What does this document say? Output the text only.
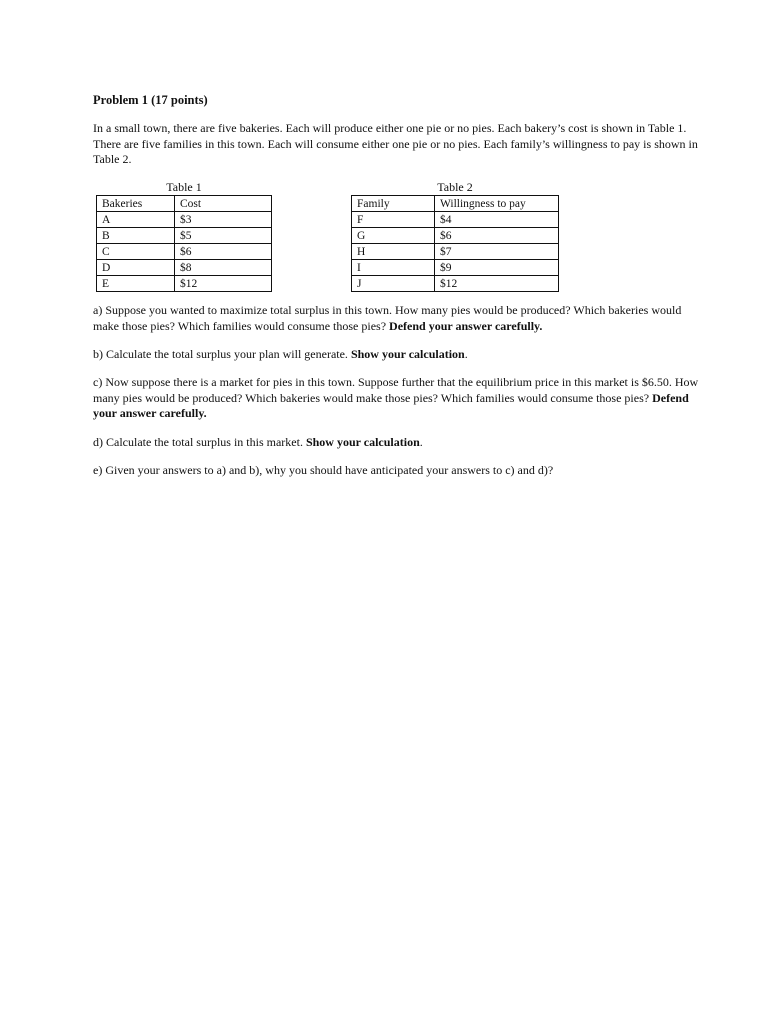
Problem 1 (17 points)
In a small town, there are five bakeries. Each will produce either one pie or no pies. Each bakery’s cost is shown in Table 1. There are five families in this town. Each will consume either one pie or no pies. Each family’s willingness to pay is shown in Table 2.
Table 1
Bakeries	Cost
A	$3
B	$5
C	$6
D	$8
E	$12
Table 2
Family	Willingness to pay
F	$4
G	$6
H	$7
I	$9
J	$12
a) Suppose you wanted to maximize total surplus in this town. How many pies would be produced? Which bakeries would make those pies? Which families would consume those pies? Defend your answer carefully.
b) Calculate the total surplus your plan will generate. Show your calculation.
c) Now suppose there is a market for pies in this town. Suppose further that the equilibrium price in this market is $6.50. How many pies would be produced? Which bakeries would make those pies? Which families would consume those pies? Defend your answer carefully.
d) Calculate the total surplus in this market. Show your calculation.
e) Given your answers to a) and b), why you should have anticipated your answers to c) and d)?
